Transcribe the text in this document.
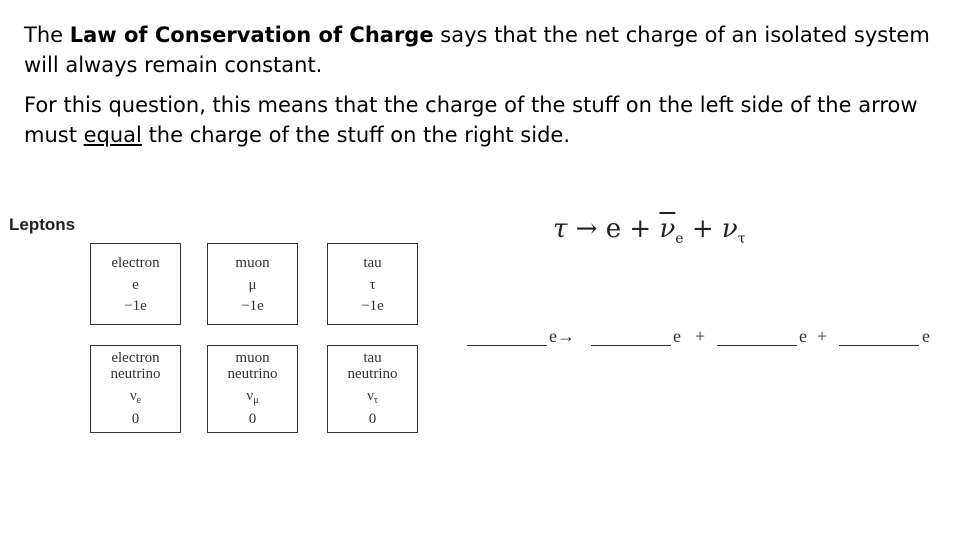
The Law of Conservation of Charge says that the net charge of an isolated system will always remain constant.

For this question, this means that the charge of the stuff on the left side of the arrow must equal the charge of the stuff on the right side.

Leptons
electron
e
−1e
muon
μ
−1e
tau
τ
−1e
electron
neutrino
$\nu_e$
0
muon
neutrino
$\nu_\mu$
0
tau
neutrino
$\nu_\tau$
0
$\tau \to e + \overline{\nu}_e + \nu_\tau$
e→	e +	e +	e
